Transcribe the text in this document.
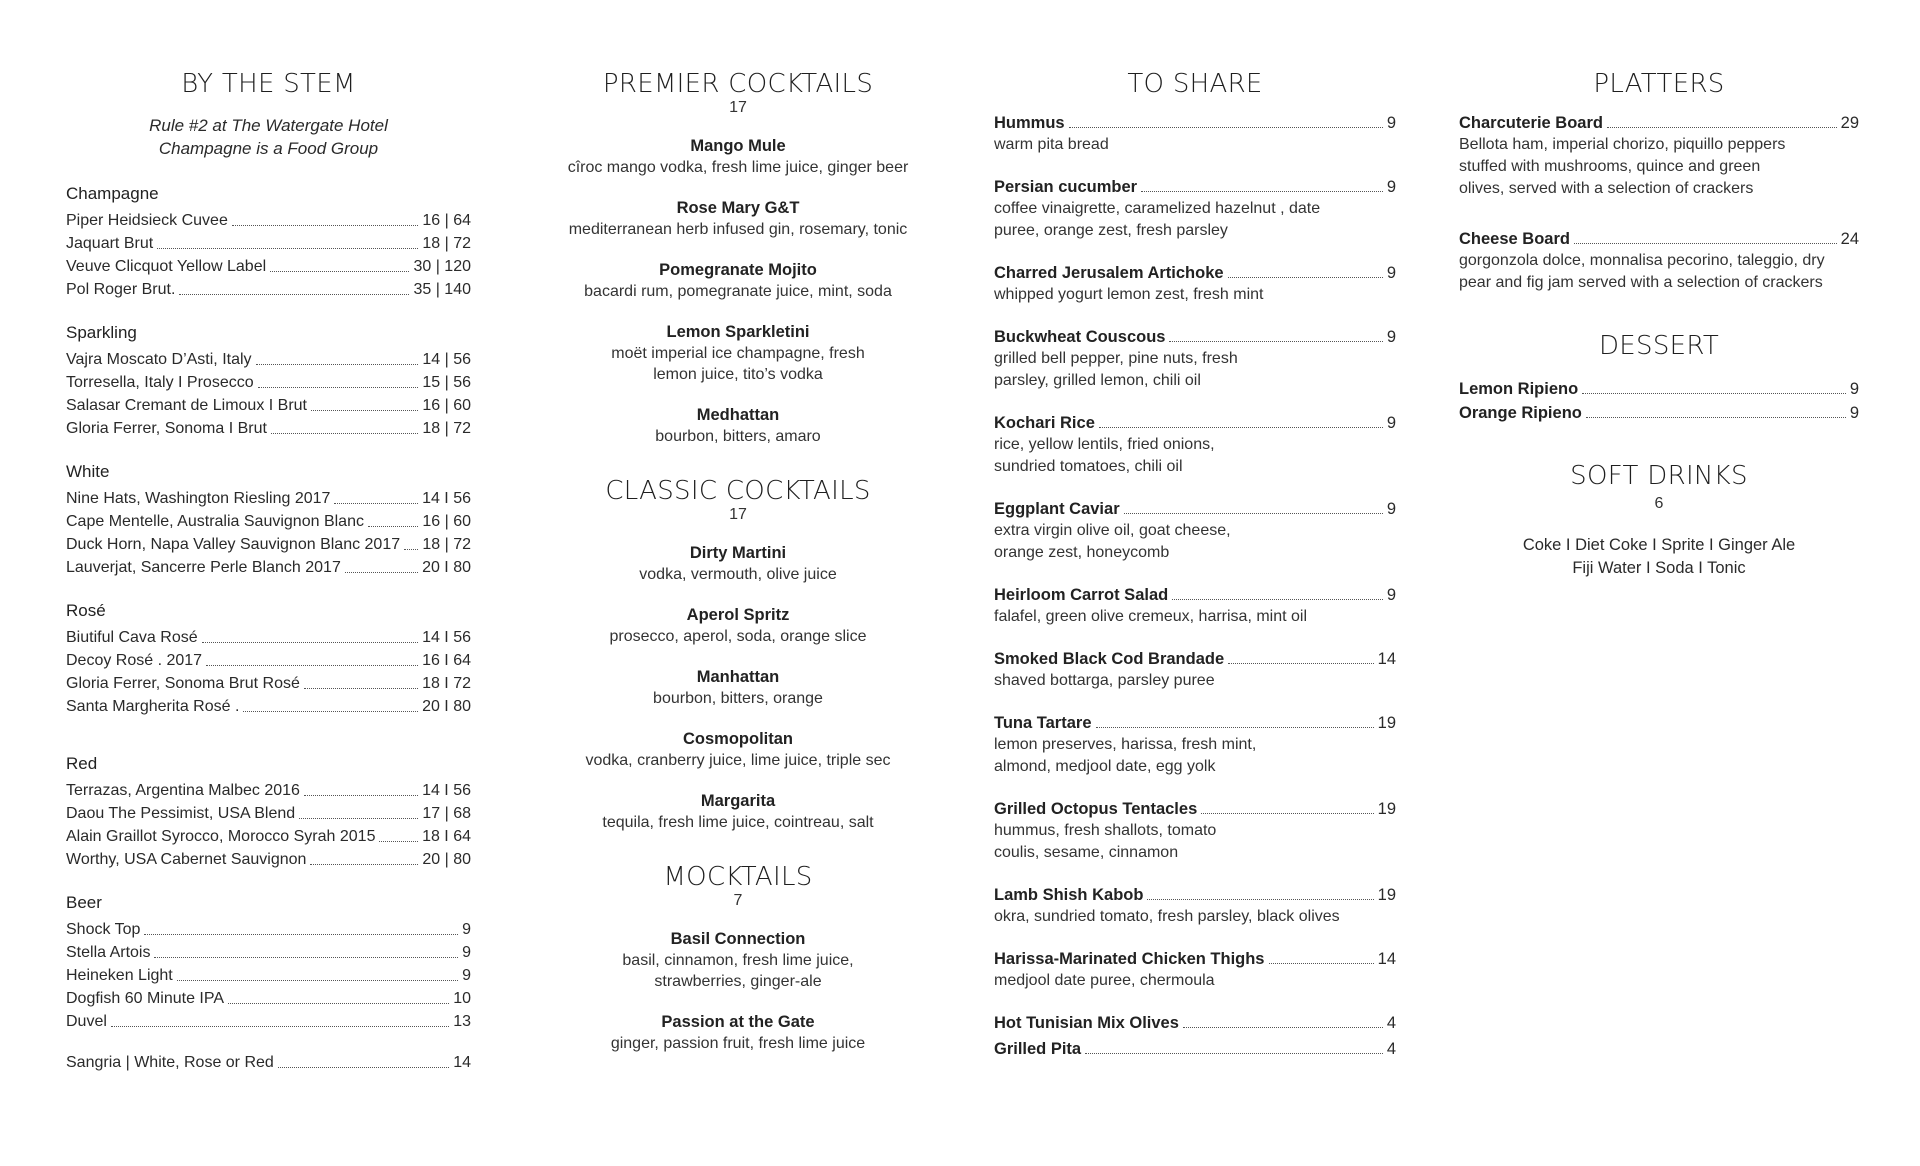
BY THE STEM
Rule #2 at The Watergate Hotel
Champagne is a Food Group
Champagne
Piper Heidsieck Cuvee	16 | 64
Jaquart Brut	18 | 72
Veuve Clicquot Yellow Label	30 | 120
Pol Roger Brut.	35 | 140
Sparkling
Vajra Moscato D’Asti, Italy	14 | 56
Torresella, Italy I Prosecco	15 | 56
Salasar Cremant de Limoux I Brut	16 | 60
Gloria Ferrer, Sonoma I Brut	18 | 72
White
Nine Hats, Washington Riesling 2017	14 I 56
Cape Mentelle, Australia Sauvignon Blanc	16 | 60
Duck Horn, Napa Valley Sauvignon Blanc 2017 18 | 72
Lauverjat, Sancerre Perle Blanch 2017	20 I 80
Rosé
Biutiful Cava Rosé	14 I 56
Decoy Rosé . 2017	16 I 64
Gloria Ferrer, Sonoma Brut Rosé	18 I 72
Santa Margherita Rosé .	20 I 80
Red
Terrazas, Argentina Malbec 2016	14 I 56
Daou The Pessimist, USA Blend	17 | 68
Alain Graillot Syrocco, Morocco Syrah 2015	18 I 64
Worthy, USA Cabernet Sauvignon	20 | 80
Beer
Shock Top	9
Stella Artois	9
Heineken Light	9
Dogfish 60 Minute IPA	10
Duvel	13
Sangria | White, Rose or Red	14
PREMIER COCKTAILS
17
Mango Mule
cîroc mango vodka, fresh lime juice, ginger beer
Rose Mary G&T
mediterranean herb infused gin, rosemary, tonic
Pomegranate Mojito
bacardi rum, pomegranate juice, mint, soda
Lemon Sparkletini
moët imperial ice champagne, fresh
lemon juice, tito’s vodka
Medhattan
bourbon, bitters, amaro
CLASSIC COCKTAILS
17
Dirty Martini
vodka, vermouth, olive juice
Aperol Spritz
prosecco, aperol, soda, orange slice
Manhattan
bourbon, bitters, orange
Cosmopolitan
vodka, cranberry juice, lime juice, triple sec
Margarita
tequila, fresh lime juice, cointreau, salt
MOCKTAILS
7
Basil Connection
basil, cinnamon, fresh lime juice,
strawberries, ginger-ale
Passion at the Gate
ginger, passion fruit, fresh lime juice
TO SHARE
Hummus	9
warm pita bread
Persian cucumber	9
coffee vinaigrette, caramelized hazelnut , date
puree, orange zest, fresh parsley
Charred Jerusalem Artichoke	9
whipped yogurt lemon zest, fresh mint
Buckwheat Couscous	9
grilled bell pepper, pine nuts, fresh
parsley, grilled lemon, chili oil
Kochari Rice	9
rice, yellow lentils, fried onions,
sundried tomatoes, chili oil
Eggplant Caviar	9
extra virgin olive oil, goat cheese,
orange zest, honeycomb
Heirloom Carrot Salad	9
falafel, green olive cremeux, harrisa, mint oil
Smoked Black Cod Brandade	14
shaved bottarga, parsley puree
Tuna Tartare	19
lemon preserves, harissa, fresh mint,
almond, medjool date, egg yolk
Grilled Octopus Tentacles	19
hummus, fresh shallots, tomato
coulis, sesame, cinnamon
Lamb Shish Kabob	19
okra, sundried tomato, fresh parsley, black olives
Harissa-Marinated Chicken Thighs	14
medjool date puree, chermoula
Hot Tunisian Mix Olives	4
Grilled Pita	4
PLATTERS
Charcuterie Board	29
Bellota ham, imperial chorizo, piquillo peppers
stuffed with mushrooms, quince and green
olives, served with a selection of crackers
Cheese Board	24
gorgonzola dolce, monnalisa pecorino, taleggio, dry
pear and fig jam served with a selection of crackers
DESSERT
Lemon Ripieno	9
Orange Ripieno	9
SOFT DRINKS
6
Coke I Diet Coke I Sprite I Ginger Ale
Fiji Water I Soda I Tonic
